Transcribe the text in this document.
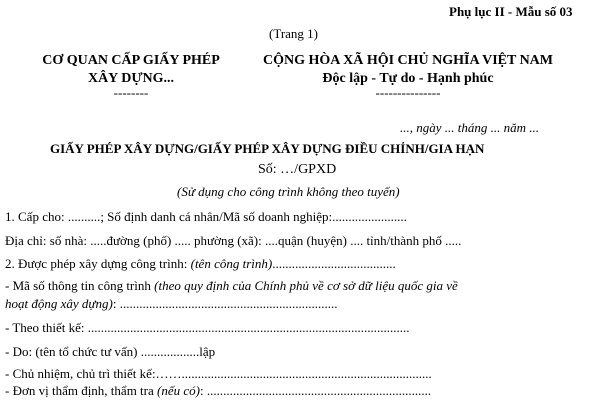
Phụ lục II - Mẫu số 03
(Trang 1)
CƠ QUAN CẤP GIẤY PHÉP
XÂY DỰNG...
--------
CỘNG HÒA XÃ HỘI CHỦ NGHĨA VIỆT NAM
Độc lập - Tự do - Hạnh phúc
---------------
..., ngày ... tháng ... năm ...
GIẤY PHÉP XÂY DỰNG/GIẤY PHÉP XÂY DỰNG ĐIỀU CHỈNH/GIA HẠN
Số: …/GPXD
(Sử dụng cho công trình không theo tuyến)
1. Cấp cho: ..........; Số định danh cá nhân/Mã số doanh nghiệp:.......................
Địa chỉ: số nhà: .....đường (phố) ..... phường (xã): ....quận (huyện) .... tỉnh/thành phố .....
2. Được phép xây dựng công trình: (tên công trình)......................................
- Mã số thông tin công trình (theo quy định của Chính phủ về cơ sở dữ liệu quốc gia về
hoạt động xây dựng): ...................................................................
- Theo thiết kế: ...................................................................................................
- Do: (tên tổ chức tư vấn) ..................lập
- Chủ nhiệm, chủ trì thiết kế:…….............................................................................
- Đơn vị thẩm định, thẩm tra (nếu có): .....................................................................
